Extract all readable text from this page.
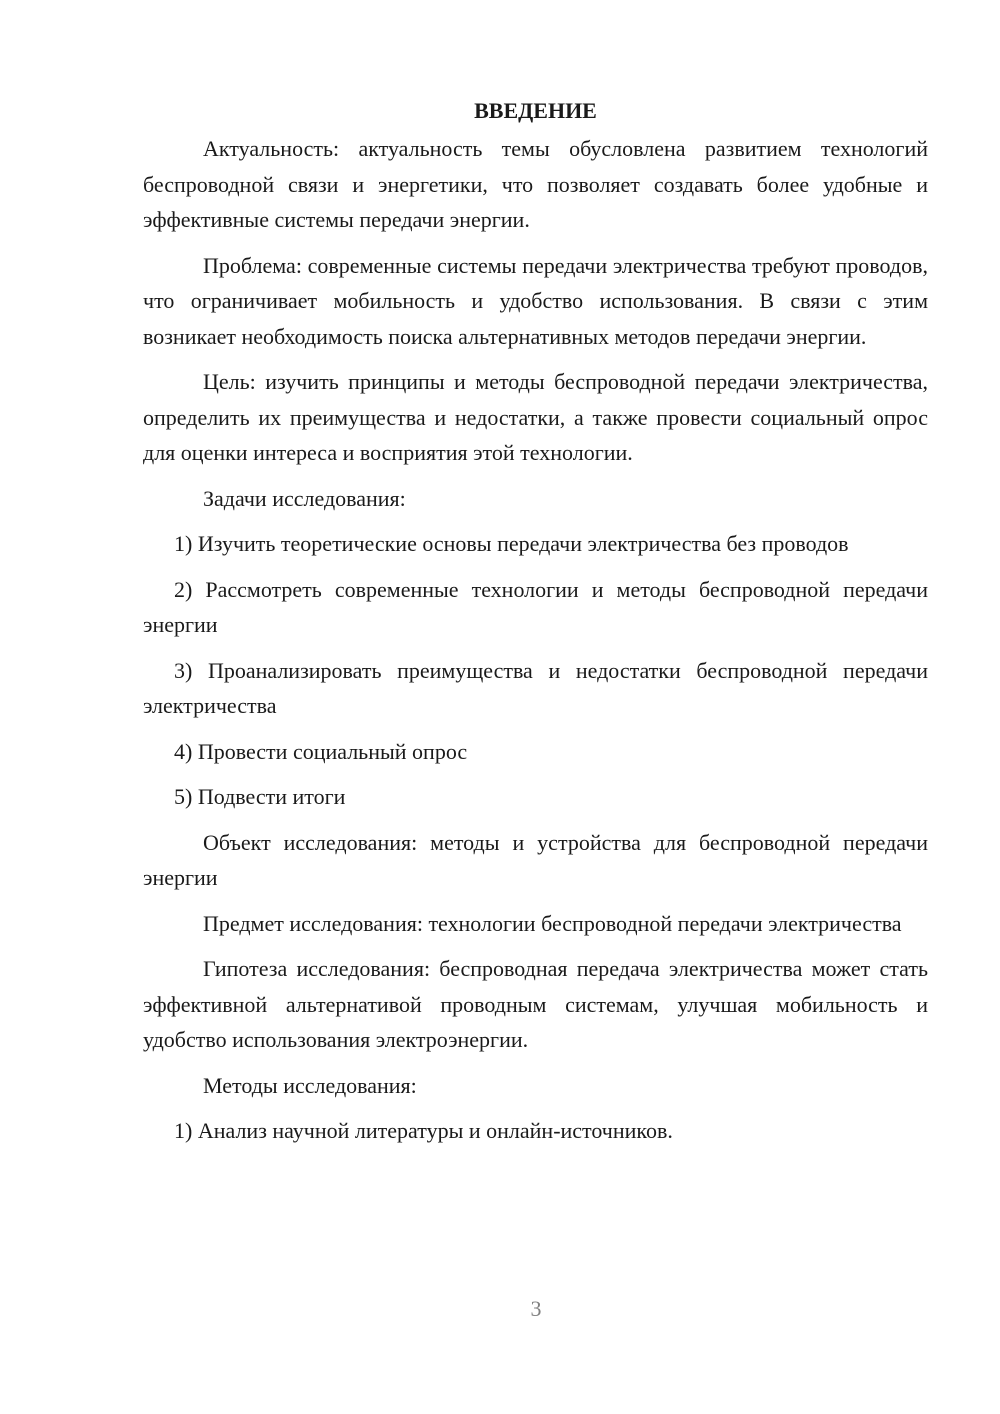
ВВЕДЕНИЕ

Актуальность: актуальность темы обусловлена развитием технологий беспроводной связи и энергетики, что позволяет создавать более удобные и эффективные системы передачи энергии.

Проблема: современные системы передачи электричества требуют проводов, что ограничивает мобильность и удобство использования. В связи с этим возникает необходимость поиска альтернативных методов передачи энергии.

Цель: изучить принципы и методы беспроводной передачи электричества, определить их преимущества и недостатки, а также провести социальный опрос для оценки интереса и восприятия этой технологии.

Задачи исследования:

1) Изучить теоретические основы передачи электричества без проводов

2) Рассмотреть современные технологии и методы беспроводной передачи энергии

3) Проанализировать преимущества и недостатки беспроводной передачи электричества

4) Провести социальный опрос

5) Подвести итоги

Объект исследования: методы и устройства для беспроводной передачи энергии

Предмет исследования: технологии беспроводной передачи электричества

Гипотеза исследования: беспроводная передача электричества может стать эффективной альтернативой проводным системам, улучшая мобильность и удобство использования электроэнергии.

Методы исследования:

1) Анализ научной литературы и онлайн-источников.

3
